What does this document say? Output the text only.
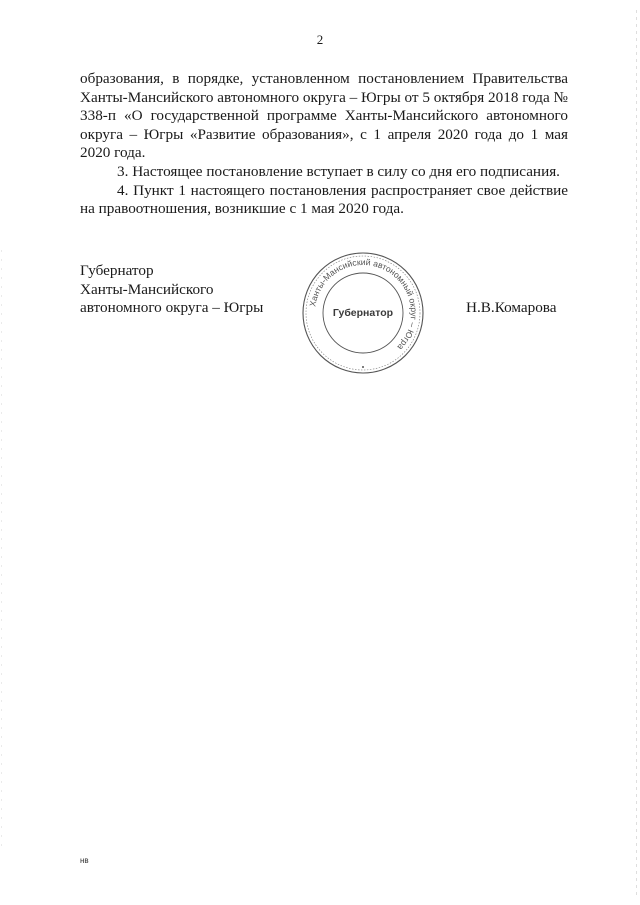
2

образования, в порядке, установленном постановлением Правительства Ханты-Мансийского автономного округа – Югры от 5 октября 2018 года № 338-п «О государственной программе Ханты-Мансийского автономного округа – Югры «Развитие образования», с 1 апреля 2020 года до 1 мая 2020 года.

3. Настоящее постановление вступает в силу со дня его подписания.

4. Пункт 1 настоящего постановления распространяет свое действие на правоотношения, возникшие с 1 мая 2020 года.

Губернатор
Ханты-Мансийского
автономного округа – Югры	Ханты-Мансийский автономный округ – Югра
Губернатор	Н.В.Комарова
нв
